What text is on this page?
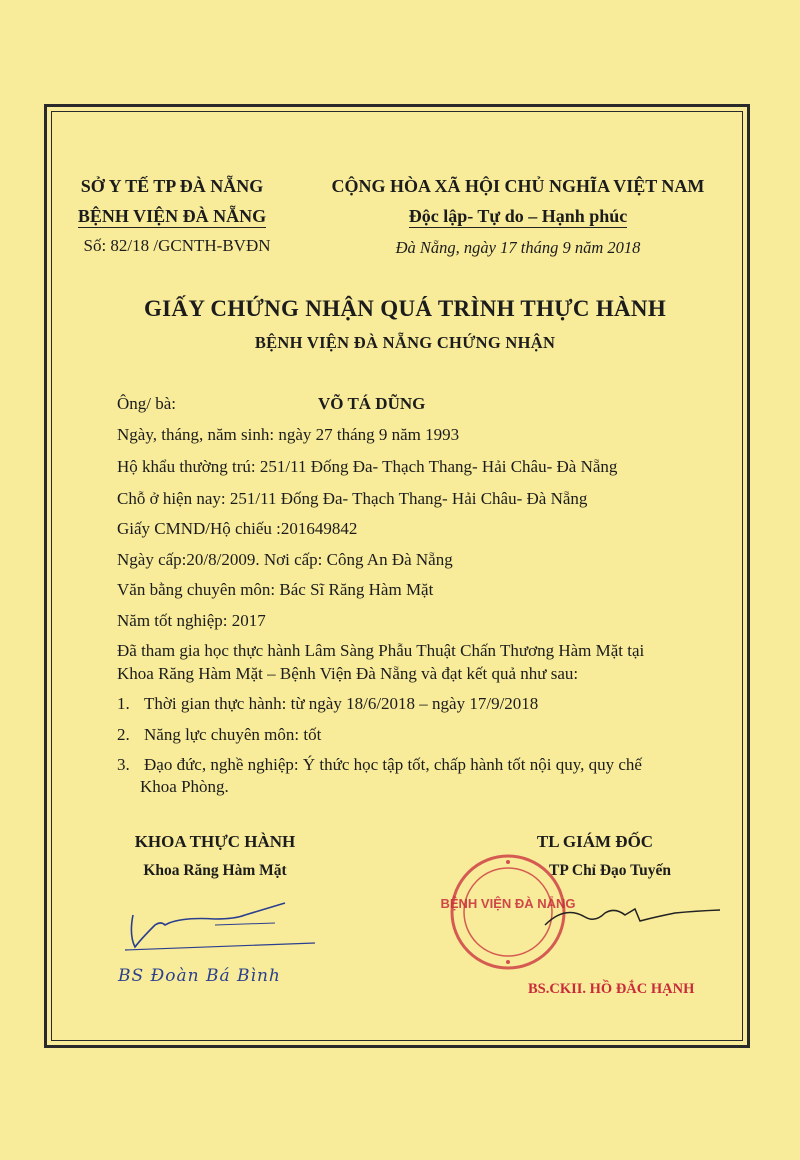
SỞ Y TẾ TP ĐÀ NẴNG
BỆNH VIỆN ĐÀ NẴNG
Số: 82/18 /GCNTH-BVĐN
CỘNG HÒA XÃ HỘI CHỦ NGHĨA VIỆT NAM
Độc lập- Tự do – Hạnh phúc
Đà Nẵng, ngày 17 tháng 9 năm 2018
GIẤY CHỨNG NHẬN QUÁ TRÌNH THỰC HÀNH
BỆNH VIỆN ĐÀ NẴNG CHỨNG NHẬN
Ông/ bà:	VÕ TÁ DŨNG
Ngày, tháng, năm sinh: ngày 27 tháng 9 năm 1993
Hộ khẩu thường trú: 251/11 Đống Đa- Thạch Thang- Hải Châu- Đà Nẵng
Chỗ ở hiện nay: 251/11 Đống Đa- Thạch Thang- Hải Châu- Đà Nẵng
Giấy CMND/Hộ chiếu :201649842
Ngày cấp:20/8/2009. Nơi cấp: Công An Đà Nẵng
Văn bằng chuyên môn: Bác Sĩ Răng Hàm Mặt
Năm tốt nghiệp: 2017
Đã tham gia học thực hành Lâm Sàng Phẫu Thuật Chấn Thương Hàm Mặt tại
Khoa Răng Hàm Mặt – Bệnh Viện Đà Nẵng và đạt kết quả như sau:
1. Thời gian thực hành: từ ngày 18/6/2018 – ngày 17/9/2018
2. Năng lực chuyên môn: tốt
3. Đạo đức, nghề nghiệp: Ý thức học tập tốt, chấp hành tốt nội quy, quy chế
Khoa Phòng.
KHOA THỰC HÀNH
Khoa Răng Hàm Mặt
BS Đoàn Bá Bình
TL GIÁM ĐỐC
TP Chỉ Đạo Tuyến
BỆNH VIỆN ĐÀ NẴNG
BS.CKII. HỒ ĐẮC HẠNH
